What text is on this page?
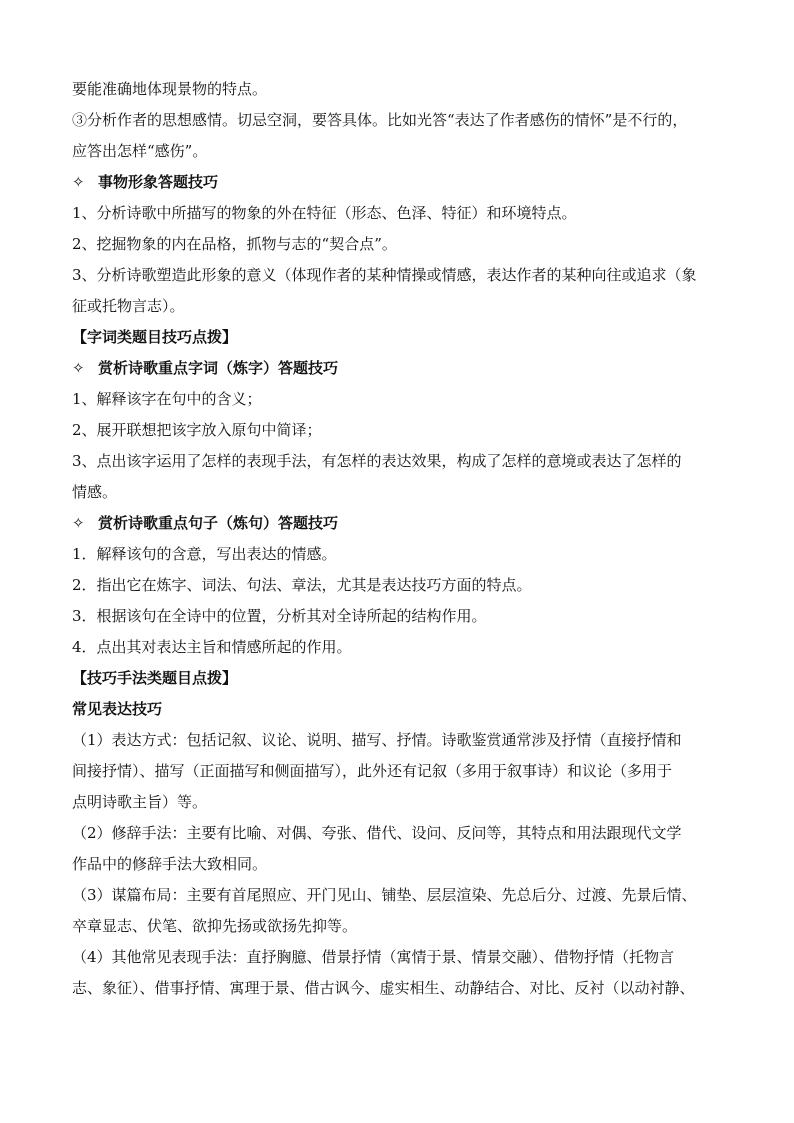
要能准确地体现景物的特点。
③分析作者的思想感情。切忌空洞，要答具体。比如光答“表达了作者感伤的情怀”是不行的，
应答出怎样“感伤”。
✧ 事物形象答题技巧
1、分析诗歌中所描写的物象的外在特征（形态、色泽、特征）和环境特点。
2、挖掘物象的内在品格，抓物与志的“契合点”。
3、分析诗歌塑造此形象的意义（体现作者的某种情操或情感，表达作者的某种向往或追求（象
征或托物言志）。
【字词类题目技巧点拨】
✧ 赏析诗歌重点字词（炼字）答题技巧
1、解释该字在句中的含义；
2、展开联想把该字放入原句中简译；
3、点出该字运用了怎样的表现手法，有怎样的表达效果，构成了怎样的意境或表达了怎样的
情感。
✧ 赏析诗歌重点句子（炼句）答题技巧
1．解释该句的含意，写出表达的情感。
2．指出它在炼字、词法、句法、章法，尤其是表达技巧方面的特点。
3．根据该句在全诗中的位置，分析其对全诗所起的结构作用。
4．点出其对表达主旨和情感所起的作用。
【技巧手法类题目点拨】
常见表达技巧
（1）表达方式：包括记叙、议论、说明、描写、抒情。诗歌鉴赏通常涉及抒情（直接抒情和
间接抒情）、描写（正面描写和侧面描写），此外还有记叙（多用于叙事诗）和议论（多用于
点明诗歌主旨）等。
（2）修辞手法：主要有比喻、对偶、夸张、借代、设问、反问等，其特点和用法跟现代文学
作品中的修辞手法大致相同。
（3）谋篇布局：主要有首尾照应、开门见山、铺垫、层层渲染、先总后分、过渡、先景后情、
卒章显志、伏笔、欲抑先扬或欲扬先抑等。
（4）其他常见表现手法：直抒胸臆、借景抒情（寓情于景、情景交融）、借物抒情（托物言
志、象征）、借事抒情、寓理于景、借古讽今、虚实相生、动静结合、对比、反衬（以动衬静、
